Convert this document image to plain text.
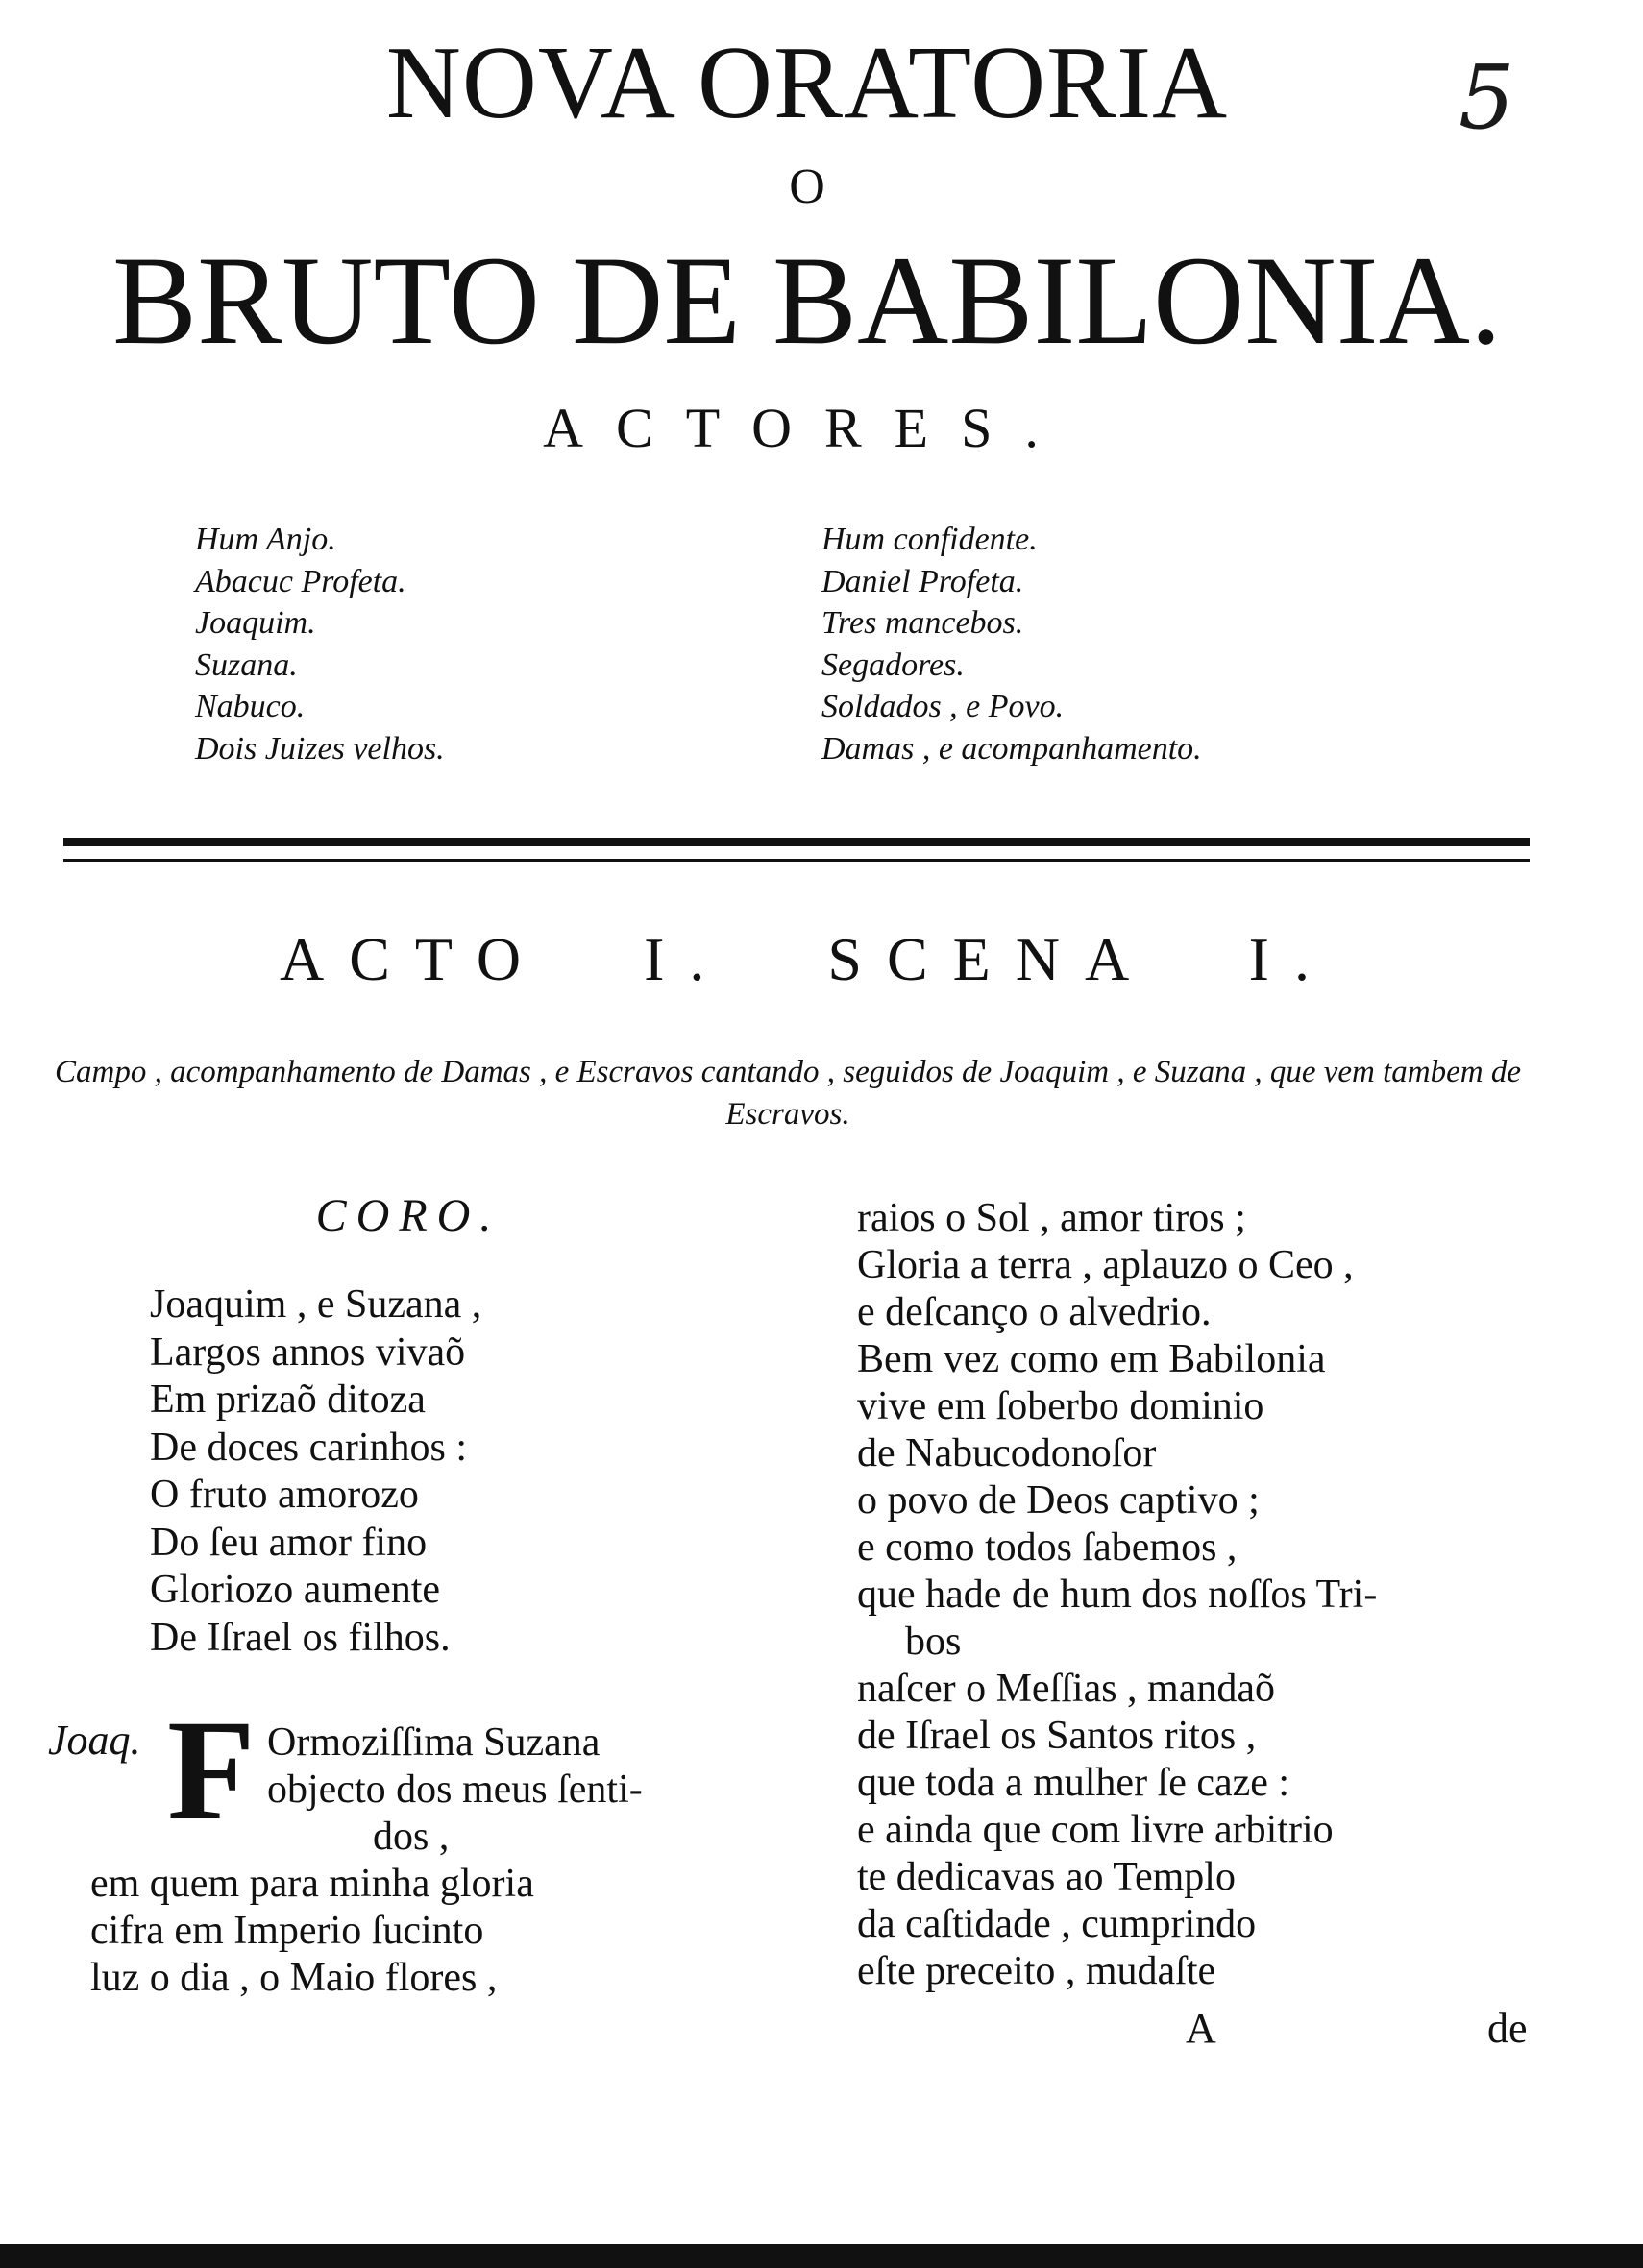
NOVA ORATORIA	5
O
BRUTO DE BABILONIA.
ACTORES.
Hum Anjo.
Abacuc Profeta.
Joaquim.
Suzana.
Nabuco.
Dois Juizes velhos.
Hum confidente.
Daniel Profeta.
Tres mancebos.
Segadores.
Soldados , e Povo.
Damas , e acompanhamento.
ACTO I. SCENA I.
Campo , acompanhamento de Damas , e Escravos cantando , seguidos de Joaquim , e Suzana , que vem tambem de Escravos.
CORO.
Joaquim , e Suzana ,
Largos annos vivaõ
Em prizaõ ditoza
De doces carinhos :
O fruto amorozo
Do ſeu amor fino
Gloriozo aumente
De Iſrael os filhos.
Joaq. F Ormoziſſima Suzana
objecto dos meus ſenti-
dos ,
em quem para minha gloria
cifra em Imperio ſucinto
luz o dia , o Maio flores ,
raios o Sol , amor tiros ;
Gloria a terra , aplauzo o Ceo ,
e deſcanço o alvedrio.
Bem vez como em Babilonia
vive em ſoberbo dominio
de Nabucodonoſor
o povo de Deos captivo ;
e como todos ſabemos ,
que hade de hum dos noſſos Tri-
bos
naſcer o Meſſias , mandaõ
de Iſrael os Santos ritos ,
que toda a mulher ſe caze :
e ainda que com livre arbitrio
te dedicavas ao Templo
da caſtidade , cumprindo
eſte preceito , mudaſte
A	de
